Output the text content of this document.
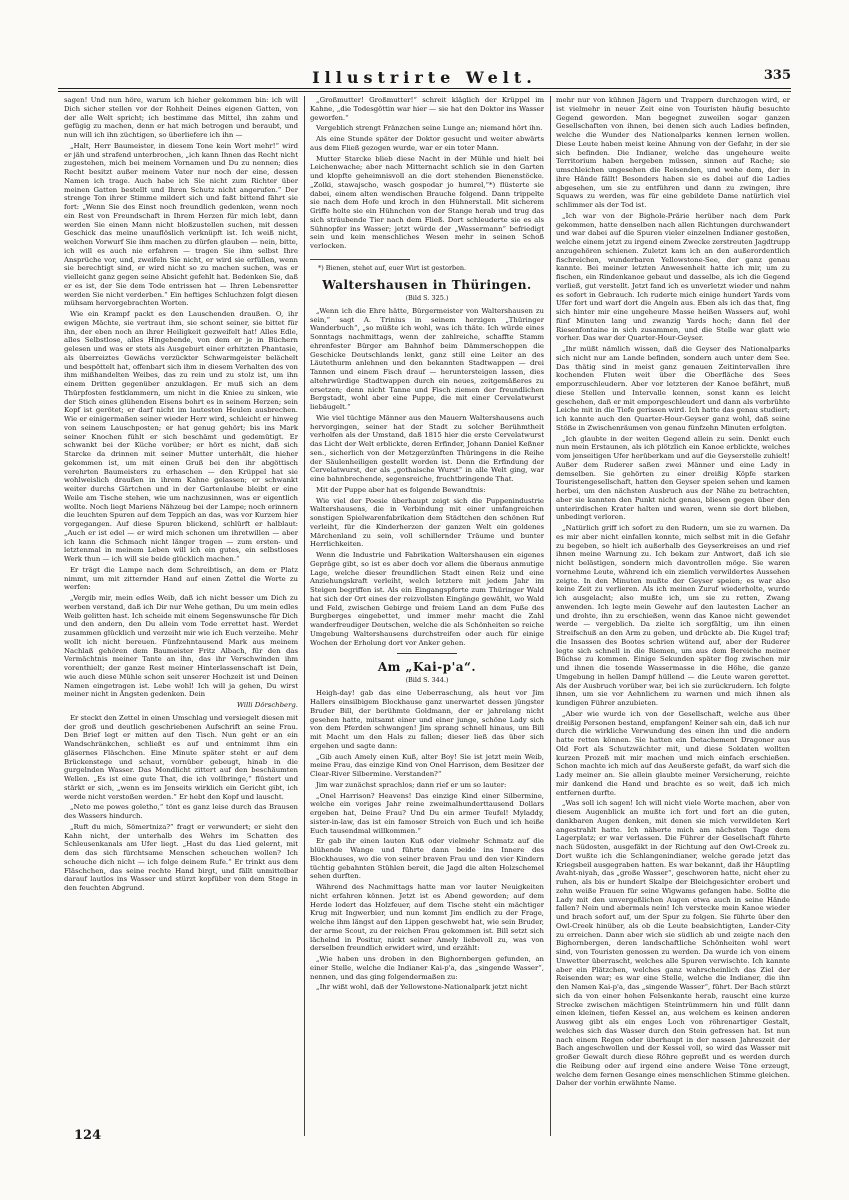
Illustrirte Welt.	335

sagen! Und nun höre, warum ich hieher gekommen bin: ich will Dich sicher stellen vor der Rohheit Deines eigenen Gatten, von der alle Welt spricht; ich bestimme das Mittel, ihn zahm und gefügig zu machen, denn er hat mich betrogen und beraubt, und nun will ich ihn züchtigen, so überliefere ich ihn —

„Halt, Herr Baumeister, in diesem Tone kein Wort mehr!“ wird er jäh und strafend unterbrochen, „ich kann Ihnen das Recht nicht zugestehen, mich bei meinem Vornamen und Du zu nennen; dies Recht besitzt außer meinem Vater nur noch der eine, dessen Namen ich trage. Auch habe ich Sie nicht zum Richter über meinen Gatten bestellt und Ihren Schutz nicht angerufen.“ Der strenge Ton ihrer Stimme mildert sich und faßt bittend fährt sie fort: „Wenn Sie des Einst noch freundlich gedenken, wenn noch ein Rest von Freundschaft in Ihrem Herzen für mich lebt, dann werden Sie einen Mann nicht bloßzustellen suchen, mit dessen Geschick das meine unauflöslich verknüpft ist. Ich weiß nicht, welchen Vorwurf Sie ihm machen zu dürfen glauben — nein, bitte, ich will es auch nie erfahren — tragen Sie ihm selbst Ihre Ansprüche vor, und, zweifeln Sie nicht, er wird sie erfüllen, wenn sie berechtigt sind, er wird nicht so zu machen suchen, was er vielleicht ganz gegen seine Absicht gefehlt hat. Bedenken Sie, daß er es ist, der Sie dem Tode entrissen hat — Ihren Lebensretter werden Sie nicht verderben.“ Ein heftiges Schluchzen folgt diesen mühsam hervorgebrachten Worten.

Wie ein Krampf packt es den Lauschenden draußen. O, ihr ewigen Mächte, sie vertraut ihm, sie schont seiner, sie bittet für ihn, der eben noch an ihrer Heiligkeit gezweifelt hat! Alles Edle, alles Selbstlose, alles Hingebende, von dem er je in Büchern gelesen und was er stets als Ausgeburt einer erhitzten Phantasie, als überreiztes Gewächs verzückter Schwarmgeister belächelt und bespöttelt hat, offenbart sich ihm in diesem Verhalten des von ihm mißhandelten Weibes, das zu rein und zu stolz ist, um ihn einem Dritten gegenüber anzuklagen. Er muß sich an dem Thürpfosten festklammern, um nicht in die Kniee zu sinken, wie der Stich eines glühenden Eisens bohrt es in seinem Herzen; sein Kopf ist gerötet; er darf nicht im lautesten Heulen ausbrechen. Wie er einigermaßen seiner wieder Herr wird, schleicht er hinweg von seinem Lauschposten; er hat genug gehört; bis ins Mark seiner Knochen fühlt er sich beschämt und gedemütigt. Er schwankt bei der Küche vorüber; er hört es nicht, daß sich Starcke da drinnen mit seiner Mutter unterhält, die hieher gekommen ist, um mit einen Gruß bei den ihr abgöttisch verehrten Baumeisters zu erhaschen — den Krüppel hat sie wohlweislich draußen in ihrem Kahne gelassen; er schwankt weiter durchs Gärtchen und in der Gartenlaube bleibt er eine Weile am Tische stehen, wie um nachzusinnen, was er eigentlich wollte. Noch liegt Mariens Nähzeug bei der Lampe; noch erinnern die leuchten Spuren auf dem Teppich an das, was vor Kurzem hier vorgegangen. Auf diese Spuren blickend, schlürft er halblaut: „Auch er ist edel — er wird mich schonen um ihretwillen — aber ich kann die Schmach nicht länger tragen — zum ersten- und letztenmal in meinem Leben will ich ein gutes, ein selbstloses Werk thun — ich will sie beide glücklich machen.“

Er trägt die Lampe nach dem Schreibtisch, an dem er Platz nimmt, um mit zitternder Hand auf einen Zettel die Worte zu werfen:

„Vergib mir, mein edles Weib, daß ich nicht besser um Dich zu werben verstand, daß ich Dir nur Wehe gethan, Du um mein edles Weib gelitten hast. Ich scheide mit einem Segenswunsche für Dich und den andern, den Du allein vom Tode errettet hast. Werdet zusammen glücklich und verzeiht mir wie ich Euch verzeihe. Mehr wollt ich nicht bereuen. Fünfzehntausend Mark aus meinem Nachlaß gehören dem Baumeister Fritz Albach, für den das Vermächtnis meiner Tante an ihn, das ihr Verschwinden ihm vorenthielt; der ganze Rest meiner Hinterlassenschaft ist Dein, wie auch diese Mühle schon seit unserer Hochzeit ist und Deinen Namen eingetragen ist. Lebe wohl! Ich will ja gehen, Du wirst meiner nicht in Ängsten gedenken. Dein

Willi Dörschberg.

Er steckt den Zettel in einen Umschlag und versiegelt diesen mit der groß und deutlich geschriebenen Aufschrift an seine Frau. Den Brief legt er mitten auf den Tisch. Nun geht er an ein Wandschränkchen, schließt es auf und entnimmt ihm ein gläsernes Fläschchen. Eine Minute später steht er auf dem Brückenstege und schaut, vornüber gebeugt, hinab in die gurgelnden Wasser. Das Mondlicht zittert auf den beschäumten Wellen. „Es ist eine gute That, die ich vollbringe,“ flüstert und stärkt er sich, „wenn es im Jenseits wirklich ein Gericht gibt, ich werde nicht verstoßen werden.“ Er hebt den Kopf und lauscht.

„Neto me powes goletho,“ tönt es ganz leise durch das Brausen des Wassers hindurch.

„Ruft du mich, Sömertniza?“ fragt er verwundert; er sieht den Kahn nicht, der unterhalb des Wehrs im Schatten des Schleusenkanals am Ufer liegt. „Hast du das Lied gelernt, mit dem das sich fürchtsame Menschen scheuchen wollen? Ich scheuche dich nicht — ich folge deinem Rufe.“ Er trinkt aus dem Fläschchen, das seine rechte Hand birgt, und fällt unmittelbar darauf lautlos ins Wasser und stürzt kopfüber von dem Stege in den feuchten Abgrund.

„Großmutter! Großmutter!“ schreit kläglich der Krüppel im Kahne, „die Todesgöttin war hier — sie hat den Doktor ins Wasser geworfen.“

Vergeblich strengt Fränzchen seine Lunge an; niemand hört ihn.

Als eine Stunde später der Doktor gesucht und weiter abwärts aus dem Fließ gezogen wurde, war er ein toter Mann.

Mutter Starcke blieb diese Nacht in der Mühle und hielt bei Leichenwache; aber nach Mitternacht schlich sie in den Garten und klopfte geheimnisvoll an die dort stehenden Bienenstöcke. „Zolki, stawajscho, wasch gospodar jo humrel,“*) flüsterte sie dabei, einem alten wendischen Brauche folgend. Dann trippelte sie nach dem Hofe und kroch in den Hühnerstall. Mit sicherem Griffe holte sie ein Hühnchen von der Stange herab und trug das sich sträubende Tier nach dem Fließ. Dort schleuderte sie es als Sühnopfer ins Wasser; jetzt würde der „Wassermann“ befriedigt sein und kein menschliches Wesen mehr in seinen Schoß verlocken.

*) Bienen, stehet auf, euer Wirt ist gestorben.

Waltershausen in Thüringen.
(Bild S. 325.)

„Wenn ich die Ehre hätte, Bürgermeister von Waltershausen zu sein,“ sagt A. Trinius in seinem herzigen „Thüringer Wanderbuch“, „so müßte ich wohl, was ich thäte. Ich würde eines Sonntags nachmittags, wenn der zahlreiche, schaffte Stamm ehrenfester Bürger am Bahnhof beim Dämmerschoppen die Geschicke Deutschlands lenkt, ganz still eine Leiter an des Läutethurm anlehnen und den bekannten Stadtwappen — drei Tannen und einem Fisch drauf — heruntersteigen lassen, dies altehrwürdige Stadtwappen durch ein neues, zeitgemäßeres zu ersetzen; denn nicht Tanne und Fisch ziemen der freundlichen Bergstadt, wohl aber eine Puppe, die mit einer Cervelatwurst liebäugelt.“

Wie viel tüchtige Männer aus den Mauern Waltershausens auch hervorgingen, seiner hat der Stadt zu solcher Berühmtheit verholfen als der Umstand, daß 1815 hier die erste Cervelatwurst das Licht der Welt erblickte, deren Erfinder, Johann Daniel Keßner sen., sicherlich von der Metzgerzünften Thüringens in die Reihe der Säulenheiligen gestellt worden ist. Denn die Erfindung der Cervelatwurst, der als „gothaische Wurst“ in alle Welt ging, war eine bahnbrechende, segensreiche, fruchtbringende That.

Mit der Puppe aber hat es folgende Bewandtnis:

Wie viel der Poesie überhaupt zeigt sich die Puppenindustrie Waltershausens, die in Verbindung mit einer umfangreichen sonstigen Spielwarenfabrikation dem Städtchen den schönen Ruf verleiht, für die Kinderherzen der ganzen Welt ein goldenes Märchenland zu sein, voll schillernder Träume und bunter Herrlichkeiten.

Wenn die Industrie und Fabrikation Waltershausen ein eigenes Gepräge gibt, so ist es aber doch vor allem die überaus anmutige Lage, welche dieser freundlichen Stadt einen Reiz und eine Anziehungskraft verleiht, welch letztere mit jedem Jahr im Steigen begriffen ist. Als ein Eingangspforte zum Thüringer Wald hat sich der Ort eines der reizvollsten Eingänge gewählt, wo Wald und Feld, zwischen Gebirge und freiem Land an dem Fuße des Burgberges eingebettet, und immer mehr macht die Zahl wanderfreudiger Deutschen, welche die als Schönheiten so reiche Umgebung Waltershausens durchstreifen oder auch für einige Wochen der Erholung dort vor Anker gehen.

Am „Kai-p'a“.
(Bild S. 344.)

Heigh-day! gab das eine Ueberraschung, als heut vor Jim Hallers einsilbigem Blockhause ganz unerwartet dessen jüngster Bruder Bill, der berühmte Goldmann, der er jahrelang nicht gesehen hatte, mitsamt einer und einer junge, schöne Lady sich von dem Pferden schwangen! Jim sprang schnell hinaus, um Bill mit Macht um den Hals zu fallen; dieser ließ das über sich ergehen und sagte dann:

„Gib auch Amely einen Kuß, alter Boy! Sie ist jetzt mein Weib, meine Frau, das einzige Kind von Onel Harrison, dem Besitzer der Clear-River Silbermine. Verstanden?“

Jim war zunächst sprachlos; dann rief er um so lauter:

„Onel Harrison? Heavens! Das einzige Kind einer Silbermine, welche ein voriges Jahr reine zweimalhunderttausend Dollars ergeben hat, Deine Frau? Und Du ein armer Teufel! Myladdy, sister-in-law, das ist ein famoser Streich von Euch und ich heiße Euch tausendmal willkommen.“

Er gab ihr einen lauten Kuß oder vielmehr Schmatz auf die blühende Wange und führte dann beide ins Innere des Blockhauses, wo die von seiner braven Frau und den vier Kindern tüchtig gebahnten Stühlen bereit, die Jagd die alten Holzschemel sehen durften.

Während des Nachmittags hatte man vor lauter Neuigkeiten nicht erfahren können. Jetzt ist es Abend geworden; auf dem Herde lodert das Holzfeuer, auf dem Tische steht ein mächtiger Krug mit Ingwerbier, und nun kommt Jim endlich zu der Frage, welche ihm längst auf den Lippen geschwebt hat, wie sein Bruder, der arme Scout, zu der reichen Frau gekommen ist. Bill setzt sich lächelnd in Positur, nickt seiner Amely liebevoll zu, was von derselben freundlich erwidert wird, und erzählt:

„Wie haben uns droben in den Bighornbergen gefunden, an einer Stelle, welche die Indianer Kai-p'a, das „singende Wasser“, nennen, und das ging folgendermaßen zu:

„Ihr wißt wohl, daß der Yellowstone-Nationalpark jetzt nicht

mehr nur von kühnen Jägern und Trappern durchzogen wird, er ist vielmehr in neuer Zeit eine von Touristen häufig besuchte Gegend geworden. Man begegnet zuweilen sogar ganzen Gesellschaften von ihnen, bei denen sich auch Ladies befinden, welche die Wunder des Nationalparks kennen lernen wollen. Diese Leute haben meist keine Ahnung von der Gefahr, in der sie sich befinden. Die Indianer, welche das ungeheure weite Territorium haben hergeben müssen, sinnen auf Rache; sie umschleichen ungesehen die Reisenden, und wehe dem, der in ihre Hände fällt! Besonders haben sie es dabei auf die Ladies abgesehen, um sie zu entführen und dann zu zwingen, ihre Squaws zu werden, was für eine gebildete Dame natürlich viel schlimmer als der Tod ist.

„Ich war von der Bighole-Prärie herüber nach dem Park gekommen, hatte denselben nach allen Richtungen durchwandert und war dabei auf die Spuren vieler einzelnen Indianer gestoßen, welche einem jetzt zu irgend einem Zwecke zerstreuten Jagdtrupp anzugehören schienen. Zuletzt kam ich an den außerordentlich fischreichen, wunderbaren Yellowstone-See, der ganz genau kannte. Bei meiner letzten Anwesenheit hatte ich mir, um zu fischen, ein Rindenkanoe gebaut und dasselbe, als ich die Gegend verließ, gut verstellt. Jetzt fand ich es unverletzt wieder und nahm es sofort in Gebrauch. Ich ruderte mich einige hundert Yards vom Ufer fort und warf dort die Angeln aus. Eben als ich das that, fing sich hinter mir eine ungeheure Masse heißen Wassers auf, wohl fünf Minuten lang und zwanzig Yards hoch; dann fiel der Riesenfontaine in sich zusammen, und die Stelle war glatt wie vorher. Das war der Quarter-Hour-Geyser.

„Ihr müßt nämlich wissen, daß die Geyser des Nationalparks sich nicht nur am Lande befinden, sondern auch unter dem See. Das thätig sind in meist ganz genauen Zeitintervallen ihre kochenden Fluten weit über die Oberfläche des Sees emporzuschleudern. Aber vor letzteren der Kanoe befährt, muß diese Stellen und Intervalle kennen, sonst kann es leicht geschehen, daß er mit emporgeschleudert und dann als verbrühte Leiche mit in die Tiefe gerissen wird. Ich hatte das genau studiert; ich kannte auch den Quarter-Hour-Geyser ganz wohl, daß seine Stöße in Zwischenräumen von genau fünfzehn Minuten erfolgten.

„Ich glaubte in der weiten Gegend allein zu sein. Denkt euch nun mein Erstaunen, als ich plötzlich ein Kanoe erblickte, welches vom jenseitigen Ufer herüberkam und auf die Geyserstelle zuhielt! Außer dem Ruderer saßen zwei Männer und eine Lady in demselben. Sie gehörten zu einer dreißig Köpfe starken Touristengesellschaft, hatten den Geyser speien sehen und kamen herbei, um den nächsten Ausbruch aus der Nähe zu betrachten, aber sie kannten den Punkt nicht genau, bliesen gegen über den unterirdischen Krater halten und waren, wenn sie dort blieben, unbedingt verloren.

„Natürlich griff ich sofort zu den Rudern, um sie zu warnen. Da es mir aber nicht einfallen konnte, mich selbst mit in die Gefahr zu begeben, so hielt ich außerhalb des Geyserkreises an und rief ihnen meine Warnung zu. Ich bekam zur Antwort, daß ich sie nicht belästigen, sondern mich davontrollen möge. Sie waren vornehme Leute, während ich ein ziemlich verwildertes Aussehen zeigte. In den Minuten mußte der Geyser speien; es war also keine Zeit zu verlieren. Als ich meinen Zuruf wiederholte, wurde ich ausgelacht; also mußte ich, um sie zu retten, Zwang anwenden. Ich legte mein Gewehr auf den lautesten Lacher an und drohte, ihn zu erschießen, wenn das Kanoe nicht gewendet werde — vergeblich. Da zielte ich sorgfältig, um ihn einen Streifschuß an den Arm zu geben, und drückte ab. Die Kugel traf; die Insassen des Bootes schrien wütend auf, aber der Ruderer legte sich schnell in die Riemen, um aus dem Bereiche meiner Büchse zu kommen. Einige Sekunden später flog zwischen mir und ihnen die tosende Wassermasse in die Höhe, die ganze Umgebung in hellen Dampf hüllend — die Leute waren gerettet. Als der Ausbruch vorüber war, bei ich sie zurückrudern. Ich folgte ihnen, um sie vor Aehnlichem zu warnen und mich ihnen als kundigen Führer anzubieten.

„Aber wie wurde ich von der Gesellschaft, welche aus über dreißig Personen bestand, empfangen! Keiner sah ein, daß ich nur durch die wirkliche Verwundung des einen ihn und die andern hatte retten können. Sie hatten ein Detachement Dragoner aus Old Fort als Schutzwächter mit, und diese Soldaten wollten kurzen Prozeß mit mir machen und mich einfach erschießen. Schon machte ich mich auf das Aeußerste gefaßt, da warf sich die Lady meiner an. Sie allein glaubte meiner Versicherung, reichte mir dankend die Hand und brachte es so weit, daß ich mich entfernen durfte.

„Was soll ich sagen! Ich will nicht viele Worte machen, aber von diesem Augenblick an mußte ich fort und fort an die guten, dankbaren Augen denken, mit denen sie mich verwildeten Kerl angestrahlt hatte. Ich näherte mich am nächsten Tage dem Lagerplatz; er war verlassen. Die Führer der Gesellschaft führte nach Südosten, ausgefäkt in der Richtung auf den Owl-Creek zu. Dort wußte ich die Schlangenindianer, welche gerade jetzt das Kriegsbeil ausgegraben hatten. Es war bekannt, daß ihr Häuptling Avaht-niyah, das „große Wasser“, geschworen hatte, nicht eher zu ruhen, als bis er hundert Skalpe der Bleichgesichter erobert und zehn weiße Frauen für seine Wigwams gefangen habe. Sollte die Lady mit den unvergeßlichen Augen etwa auch in seine Hände fallen? Nein und abermals nein! Ich verstecke mein Kanoe wieder und brach sofort auf, um der Spur zu folgen. Sie führte über den Owl-Creek hinüber, als ob die Leute beabsichtigten, Lander-City zu erreichen. Dann aber wich sie südlich ab und zeigte nach den Bighornbergen, deren landschaftliche Schönheiten wohl wert sind, von Touristen genossen zu werden. Da wurde ich von einem Unwetter überrascht, welches alle Spuren verwischte. Ich kannte aber ein Plätzchen, welches ganz wahrscheinlich das Ziel der Reisenden war; es war eine Stelle, welche die Indianer, die ihn den Namen Kai-p'a, das „singende Wasser“, führt. Der Bach stürzt sich da von einer hohen Felsenkante herab, rauscht eine kurze Strecke zwischen mächtigen Steintrümmern hin und füllt dann einen kleinen, tiefen Kessel an, aus welchem es keinen anderen Ausweg gibt als ein enges Loch von röhrenartiger Gestalt, welches sich das Wasser durch den Stein gefressen hat. Ist nun nach einem Regen oder überhaupt in der nassen Jahreszeit der Bach angeschwollen und der Kessel voll, so wird das Wasser mit großer Gewalt durch diese Röhre gepreßt und es werden durch die Reibung oder auf irgend eine andere Weise Töne erzeugt, welche dem fernen Gesange eines menschlichen Stimme gleichen. Daher der vorhin erwähnte Name.

124
